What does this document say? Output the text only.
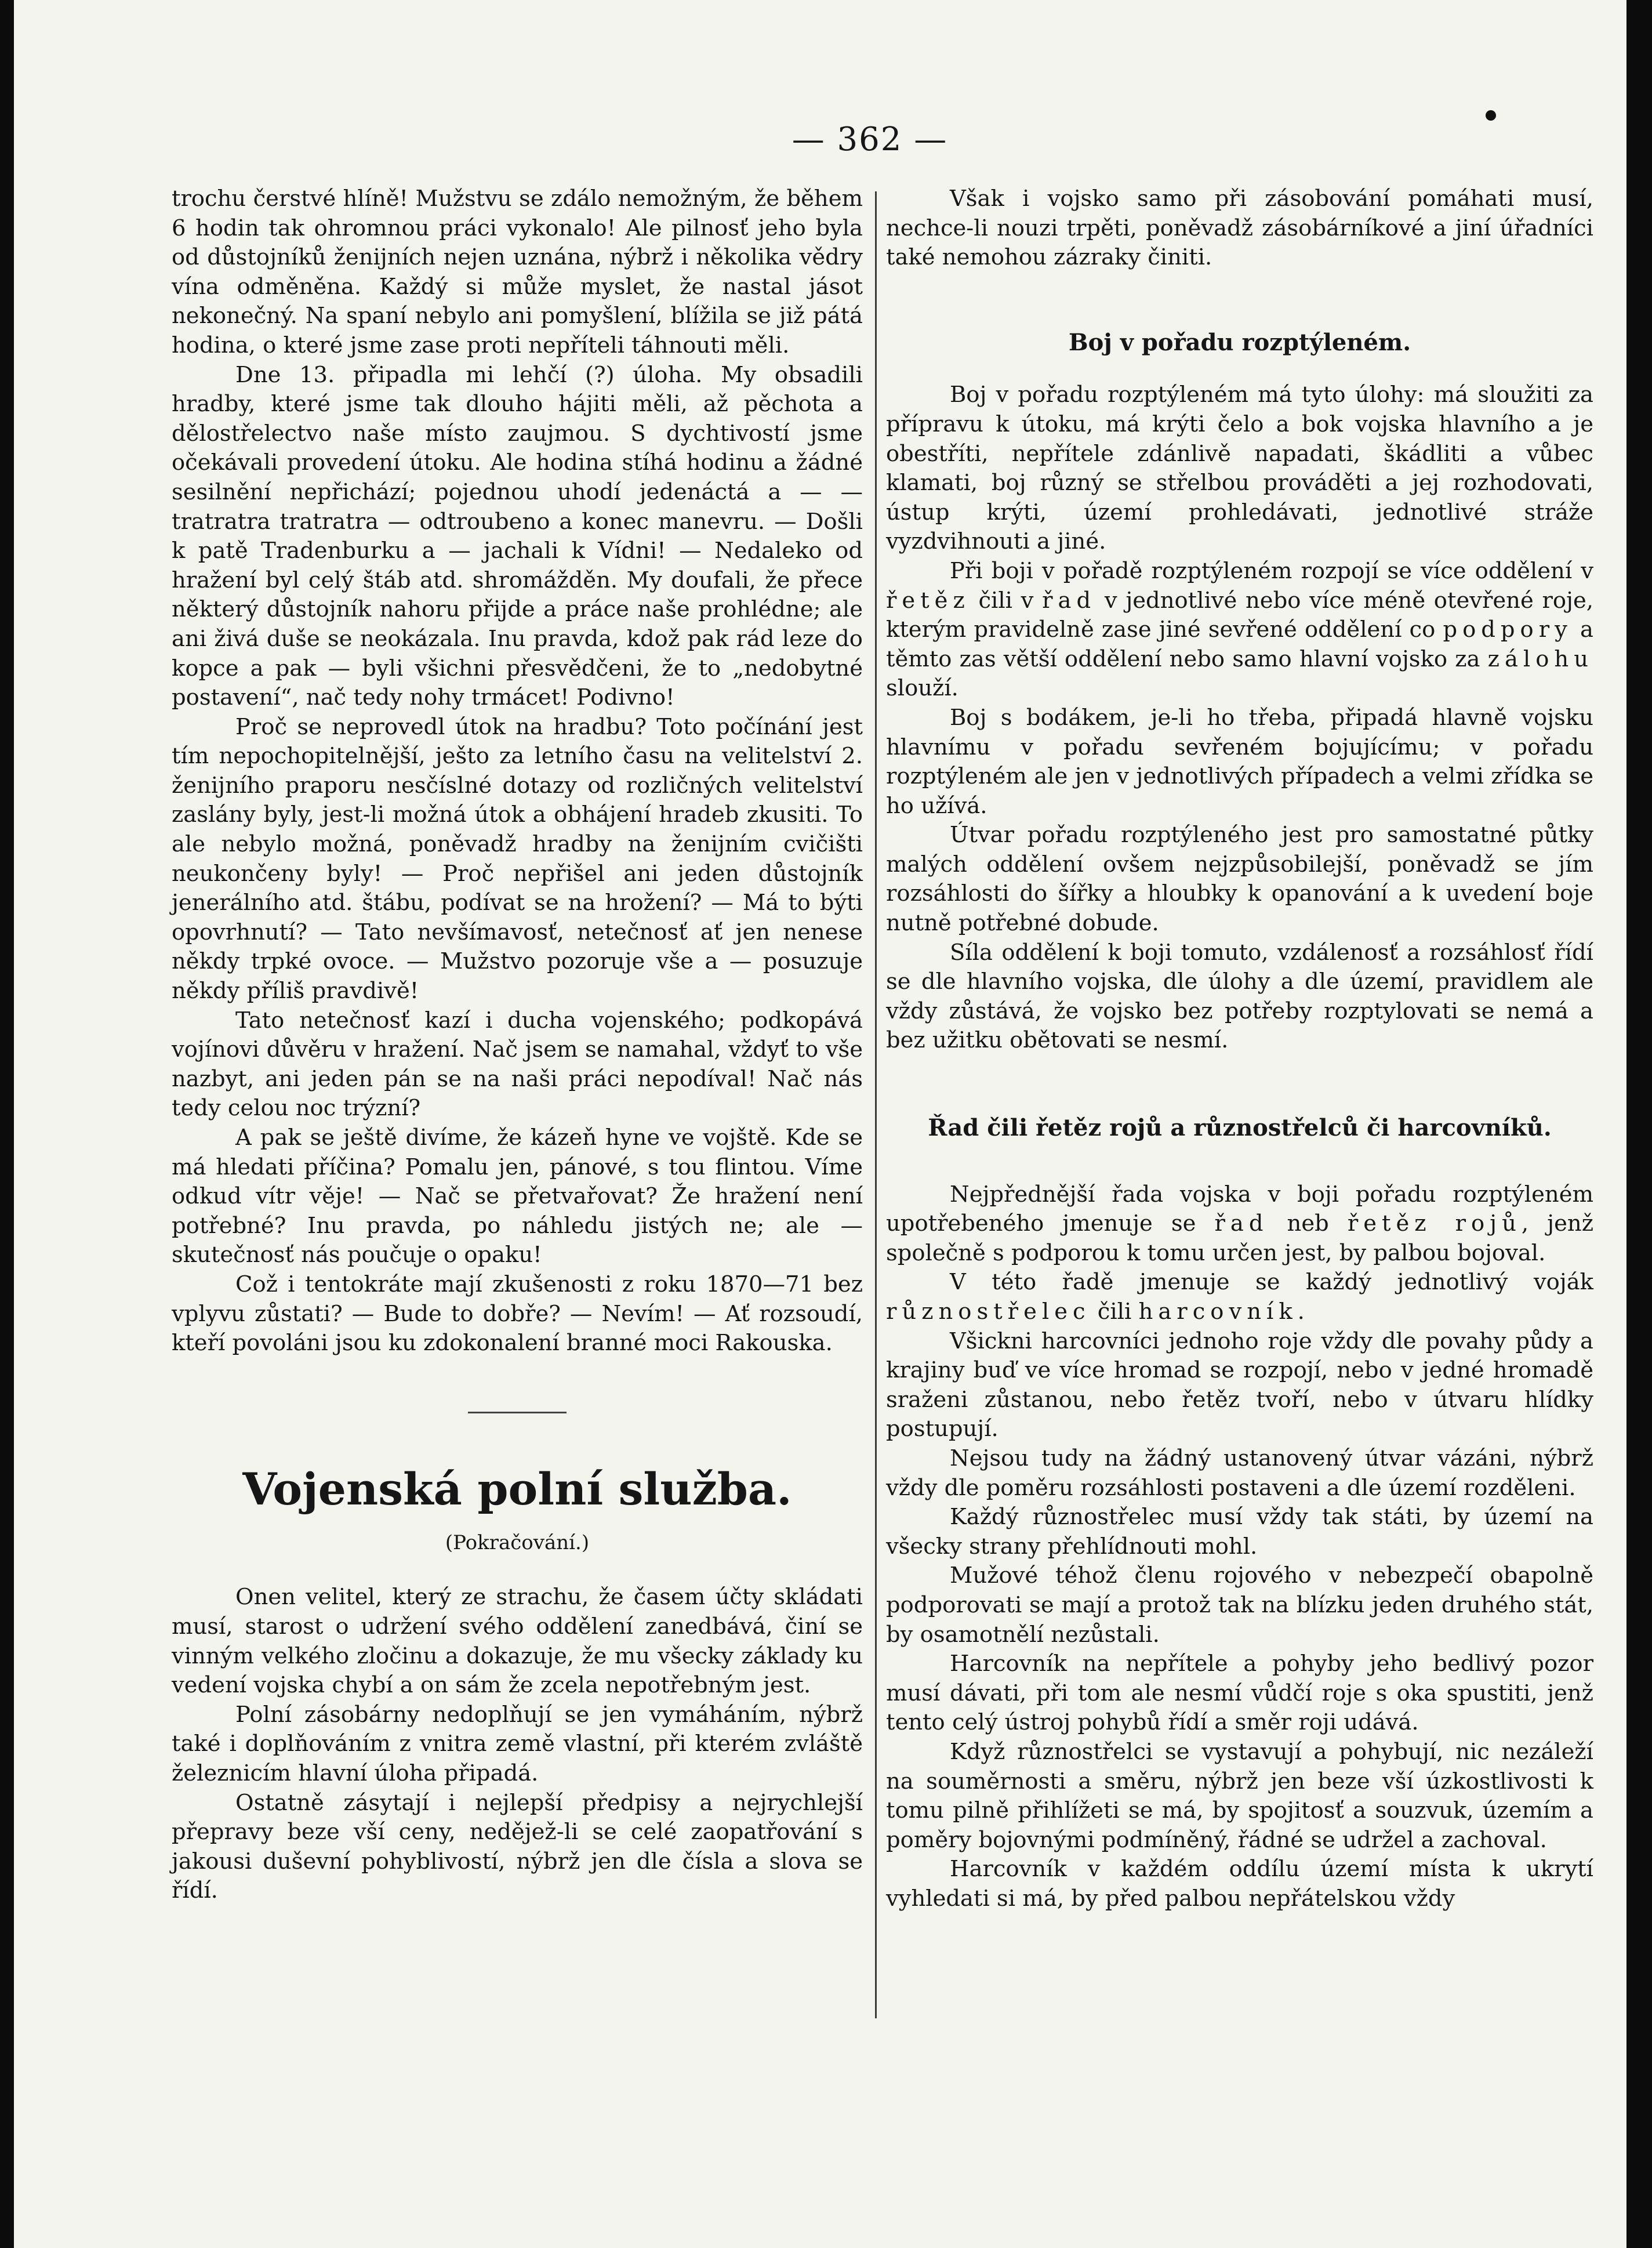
— 362 —

trochu čerstvé hlíně! Mužstvu se zdálo nemožným, že během 6 hodin tak ohromnou práci vykonalo! Ale pilnosť jeho byla od důstojníků ženijních nejen uznána, nýbrž i několika vědry vína odměněna. Každý si může myslet, že nastal jásot nekonečný. Na spaní nebylo ani pomyšlení, blížila se již pátá hodina, o které jsme zase proti nepříteli táhnouti měli.

Dne 13. připadla mi lehčí (?) úloha. My obsadili hradby, které jsme tak dlouho hájiti měli, až pěchota a dělostřelectvo naše místo zaujmou. S dychtivostí jsme očekávali provedení útoku. Ale hodina stíhá hodinu a žádné sesilnění nepřichází; pojednou uhodí jedenáctá a — — tratratra tratratra — odtroubeno a konec manevru. — Došli k patě Tradenburku a — jachali k Vídni! — Nedaleko od hražení byl celý štáb atd. shromážděn. My doufali, že přece některý důstojník nahoru přijde a práce naše prohlédne; ale ani živá duše se neokázala. Inu pravda, kdož pak rád leze do kopce a pak — byli všichni přesvědčeni, že to „nedobytné postavení“, nač tedy nohy trmácet! Podivno!

Proč se neprovedl útok na hradbu? Toto počínání jest tím nepochopitelnější, ješto za letního času na velitelství 2. ženijního praporu nesčíslné dotazy od rozličných velitelství zaslány byly, jest-li možná útok a obhájení hradeb zkusiti. To ale nebylo možná, poněvadž hradby na ženijním cvičišti neukončeny byly! — Proč nepřišel ani jeden důstojník jenerálního atd. štábu, podívat se na hrožení? — Má to býti opovrhnutí? — Tato nevšímavosť, netečnosť ať jen nenese někdy trpké ovoce. — Mužstvo pozoruje vše a — posuzuje někdy příliš pravdivě!

Tato netečnosť kazí i ducha vojenského; podkopává vojínovi důvěru v hražení. Nač jsem se namahal, vždyť to vše nazbyt, ani jeden pán se na naši práci nepodíval! Nač nás tedy celou noc trýzní?

A pak se ještě divíme, že kázeň hyne ve vojště. Kde se má hledati příčina? Pomalu jen, pánové, s tou flintou. Víme odkud vítr věje! — Nač se přetvařovat? Že hražení není potřebné? Inu pravda, po náhledu jistých ne; ale — skutečnosť nás poučuje o opaku!

Což i tentokráte mají zkušenosti z roku 1870—71 bez vplyvu zůstati? — Bude to dobře? — Nevím! — Ať rozsoudí, kteří povoláni jsou ku zdokonalení branné moci Rakouska.

Vojenská polní služba.
(Pokračování.)

Onen velitel, který ze strachu, že časem účty skládati musí, starost o udržení svého oddělení zanedbává, činí se vinným velkého zločinu a dokazuje, že mu všecky základy ku vedení vojska chybí a on sám že zcela nepotřebným jest.

Polní zásobárny nedoplňují se jen vymáháním, nýbrž také i doplňováním z vnitra země vlastní, při kterém zvláště železnicím hlavní úloha připadá.

Ostatně zásytají i nejlepší předpisy a nejrychlejší přepravy beze vší ceny, nedějež-li se celé zaopatřování s jakousi duševní pohyblivostí, nýbrž jen dle čísla a slova se řídí.

Však i vojsko samo při zásobování pomáhati musí, nechce-li nouzi trpěti, poněvadž zásobárníkové a jiní úřadníci také nemohou zázraky činiti.

Boj v pořadu rozptýleném.

Boj v pořadu rozptýleném má tyto úlohy: má sloužiti za přípravu k útoku, má krýti čelo a bok vojska hlavního a je obestříti, nepřítele zdánlivě napadati, škádliti a vůbec klamati, boj různý se střelbou prováděti a jej rozhodovati, ústup krýti, území prohledávati, jednotlivé stráže vyzdvihnouti a jiné.

Při boji v pořadě rozptýleném rozpojí se více oddělení v řetěz čili v řad v jednotlivé nebo více méně otevřené roje, kterým pravidelně zase jiné sevřené oddělení co podpory a těmto zas větší oddělení nebo samo hlavní vojsko za zálohu slouží.

Boj s bodákem, je-li ho třeba, připadá hlavně vojsku hlavnímu v pořadu sevřeném bojujícímu; v pořadu rozptýleném ale jen v jednotlivých případech a velmi zřídka se ho užívá.

Útvar pořadu rozptýleného jest pro samostatné půtky malých oddělení ovšem nejzpůsobilejší, poněvadž se jím rozsáhlosti do šířky a hloubky k opanování a k uvedení boje nutně potřebné dobude.

Síla oddělení k boji tomuto, vzdálenosť a rozsáhlosť řídí se dle hlavního vojska, dle úlohy a dle území, pravidlem ale vždy zůstává, že vojsko bez potřeby rozptylovati se nemá a bez užitku obětovati se nesmí.

Řad čili řetěz rojů a různostřelců či harcovníků.

Nejpřednější řada vojska v boji pořadu rozptýleném upotřebeného jmenuje se řad neb řetěz rojů, jenž společně s podporou k tomu určen jest, by palbou bojoval.

V této řadě jmenuje se každý jednotlivý voják různostřelec čili harcovník.

Všickni harcovníci jednoho roje vždy dle povahy půdy a krajiny buď ve více hromad se rozpojí, nebo v jedné hromadě sraženi zůstanou, nebo řetěz tvoří, nebo v útvaru hlídky postupují.

Nejsou tudy na žádný ustanovený útvar vázáni, nýbrž vždy dle poměru rozsáhlosti postaveni a dle území rozděleni.

Každý různostřelec musí vždy tak státi, by území na všecky strany přehlídnouti mohl.

Mužové téhož členu rojového v nebezpečí obapolně podporovati se mají a protož tak na blízku jeden druhého stát, by osamotnělí nezůstali.

Harcovník na nepřítele a pohyby jeho bedlivý pozor musí dávati, při tom ale nesmí vůdčí roje s oka spustiti, jenž tento celý ústroj pohybů řídí a směr roji udává.

Když různostřelci se vystavují a pohybují, nic nezáleží na souměrnosti a směru, nýbrž jen beze vší úzkostlivosti k tomu pilně přihlížeti se má, by spojitosť a souzvuk, územím a poměry bojovnými podmíněný, řádné se udržel a zachoval.

Harcovník v každém oddílu území místa k ukrytí vyhledati si má, by před palbou nepřátelskou vždy
